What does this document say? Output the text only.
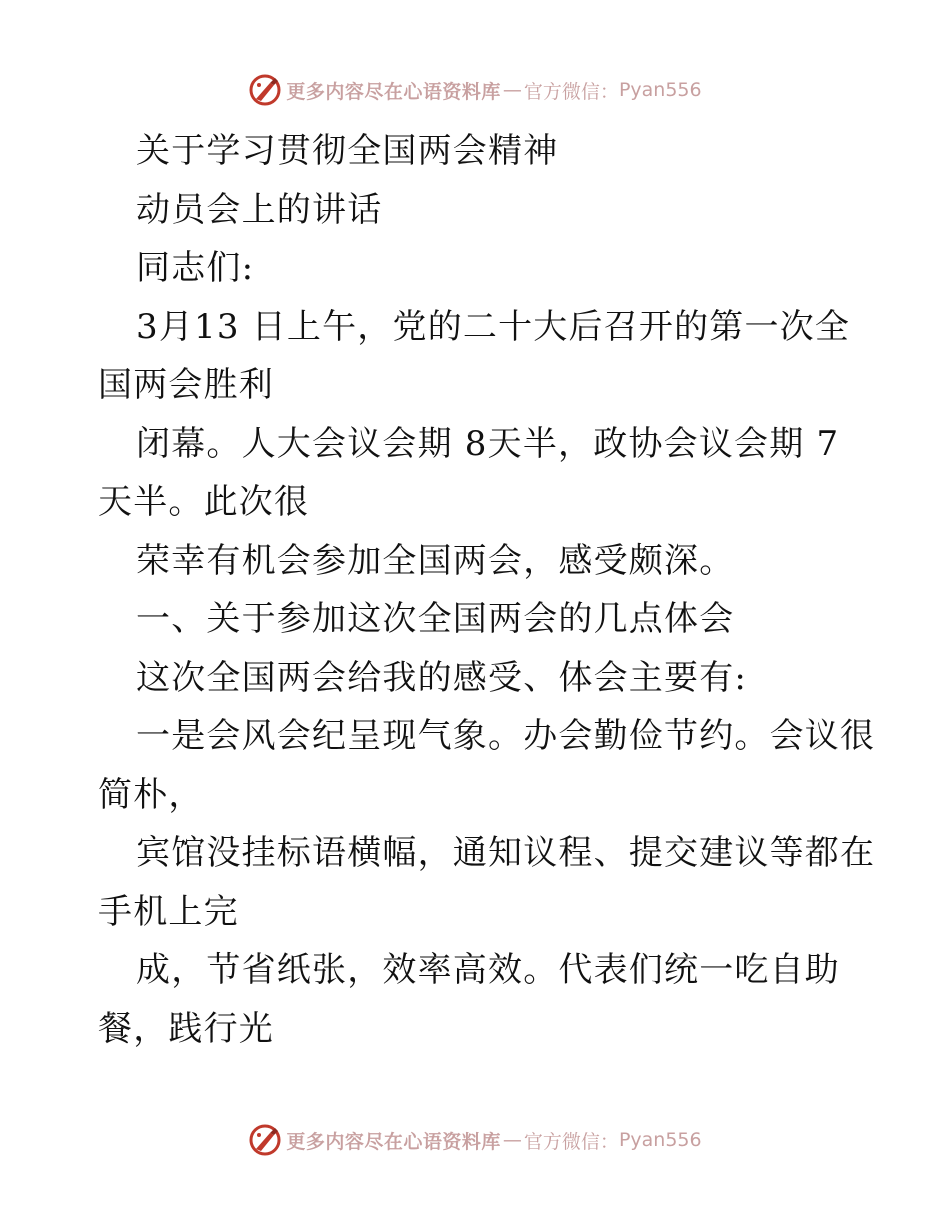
更多内容尽在心语资料库 — 官方微信： Pyan556

关于学习贯彻全国两会精神

动员会上的讲话

同志们:

3月13 日上午，党的二十大后召开的第一次全

国两会胜利

闭幕。人大会议会期 8天半，政协会议会期 7

天半。此次很

荣幸有机会参加全国两会，感受颇深。

一、关于参加这次全国两会的几点体会

这次全国两会给我的感受、体会主要有:

一是会风会纪呈现气象。办会勤俭节约。会议很

简朴，

宾馆没挂标语横幅，通知议程、提交建议等都在

手机上完

成，节省纸张，效率高效。代表们统一吃自助

餐，践行光

更多内容尽在心语资料库 — 官方微信： Pyan556
